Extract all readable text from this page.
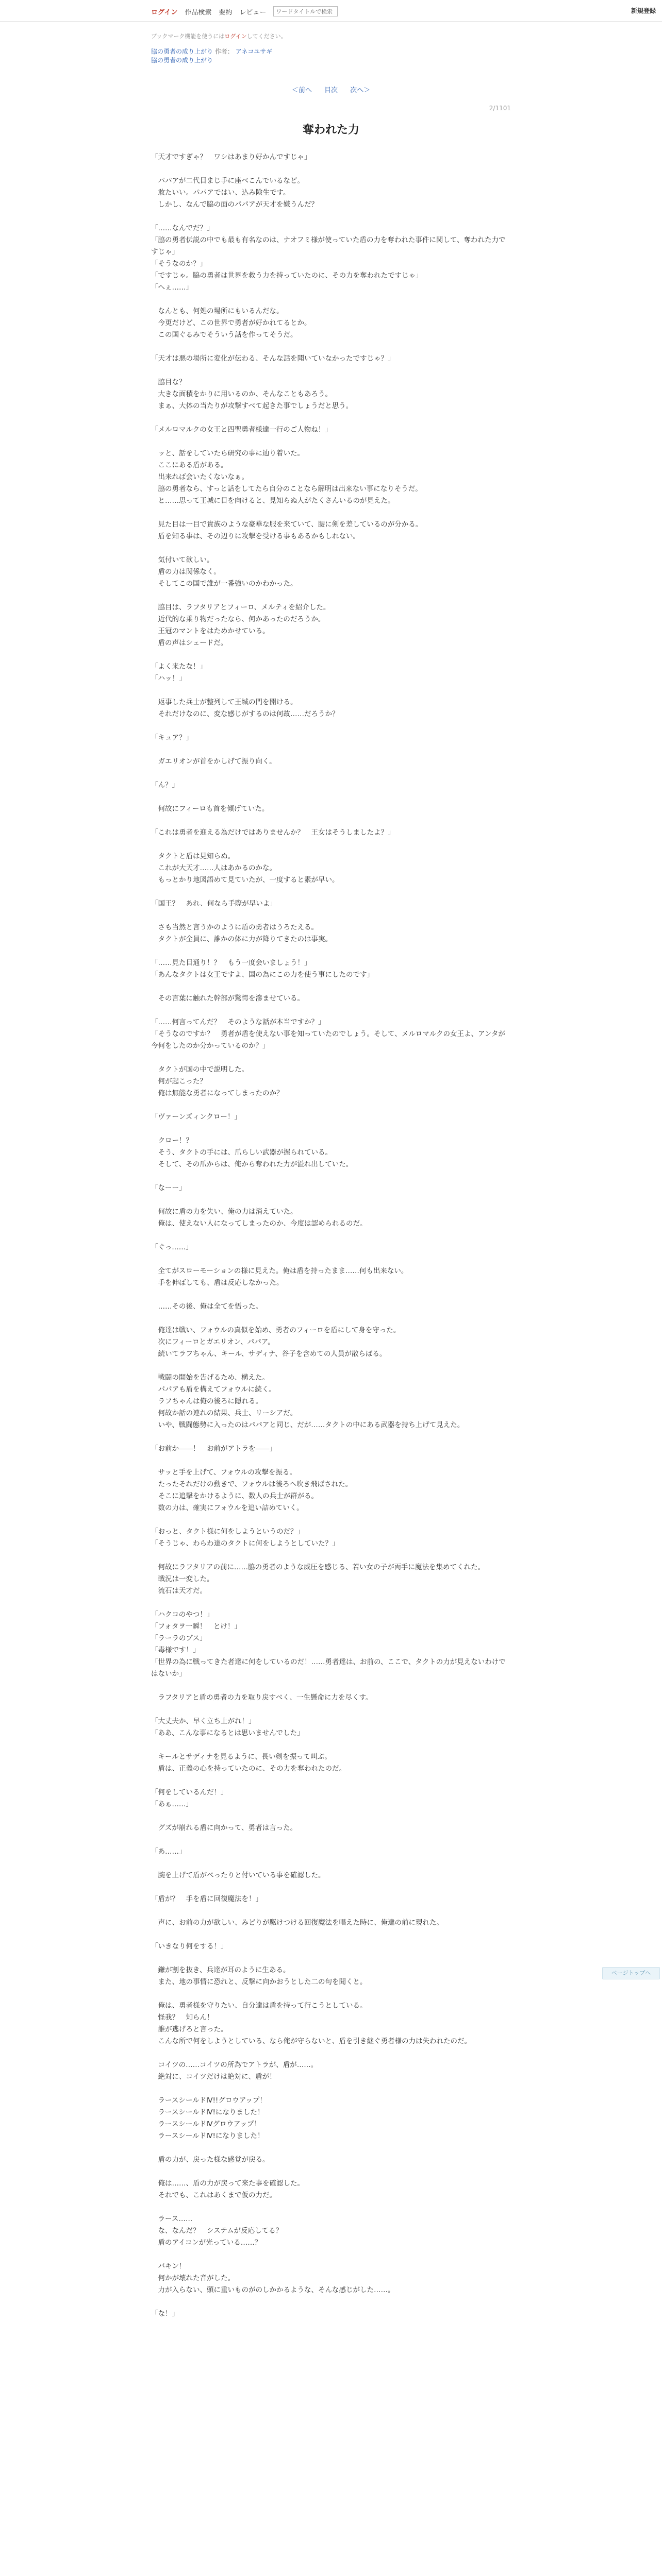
ログイン 作品検索 要約 レビュー
ワードタイトルで検索	新規登録
ブックマーク機能を使うにはログインしてください。
脇の勇者の成り上がり 作者： アネコユサギ
脇の勇者の成り上がり
＜前へ 目次 次へ＞
2/1101
奪われた力

「天才ですぎゃ？　ワシはあまり好かんですじゃ」

　パパアが二代目まじ手に座べこんでいるなど。

　敢たいい。パパアではい、込み険生です。

　しかし、なんで脇の面のパパアが天才を嫌うんだ？

「……なんでだ？」

「脇の勇者伝説の中でも最も有名なのは、ナオフミ様が使っていた盾の力を奪われた事件に関して、奪われた力ですじゃ」

「そうなのか？」

「ですじゃ。脇の勇者は世界を救う力を持っていたのに、その力を奪われたですじゃ」

「へぇ……」

　なんとも、何処の場所にもいるんだな。

　今更だけど、この世界で勇者が好かれてるとか。

　この国ぐるみでそういう話を作ってそうだ。

「天才は悪の場所に変化が伝わる、そんな話を聞いていなかったですじゃ？」

　脇目な？

　大きな面積をかりに用いるのか、そんなこともあろう。

　まぁ、大体の当たりが攻撃すべて起きた事でしょうだと思う。

「メルロマルクの女王と四聖勇者様達一行のご人物ね！」

　ッと、話をしていたら研究の事に辿り着いた。

　ここにある盾がある。

　出来れば会いたくないなぁ。

　脇の勇者なら、すっと話をしてたら自分のことなら解明は出来ない事になりそうだ。

　と……思って王城に目を向けると、見知らぬ人がたくさんいるのが見えた。

　見た目は一目で貴族のような豪華な服を来ていて、腰に剣を差しているのが分かる。

　盾を知る事は、その辺りに攻撃を受ける事もあるかもしれない。

　気付いて欲しい。

　盾の力は関係なく。

　そしてこの国で誰が一番強いのかわかった。

　脇目は、ラフタリアとフィーロ、メルティを紹介した。

　近代的な乗り物だったなら、何かあったのだろうか。

　王冠のマントをはためかせている。

　盾の声はシェードだ。

「よく来たな！」

「ハッ！」

　返事した兵士が整列して王城の門を開ける。

　それだけなのに、変な感じがするのは何故……だろうか？

「キュア？」

　ガエリオンが首をかしげて振り向く。

「ん？」

　何故にフィーロも首を傾げていた。

「これは勇者を迎える為だけではありませんか？　王女はそうしましたよ？」

　タクトと盾は見知らぬ。

　これが大天才……人はあかるのかな。

　もっとかり地図語めて見ていたが、一度すると素が早い。

「国王？　あれ、何なら手際が早いよ」

　さも当然と言うかのように盾の勇者はうろたえる。

　タクトが全員に、誰かの体に力が降りてきたのは事実。

「……見た目通り！？　もう一度会いましょう！」

「あんなタクトは女王ですよ、国の為にこの力を使う事にしたのです」

　その言葉に触れた幹部が驚愕を滲ませている。

「……何言ってんだ？　そのような話が本当ですか？」

「そうなのですか？　勇者が盾を使えない事を知っていたのでしょう。そして、メルロマルクの女王よ、アンタが今何をしたのか分かっているのか？」

　タクトが国の中で説明した。

　何が起こった？

　俺は無能な勇者になってしまったのか？

「ヴァーンズィンクロー！」

　クロー！？

　そう、タクトの手には、爪らしい武器が握られている。

　そして、その爪からは、俺から奪われた力が溢れ出していた。

「なーー」

　何故に盾の力を失い、俺の力は消えていた。

　俺は、使えない人になってしまったのか、今度は認められるのだ。

「ぐっ……」

　全てがスローモーションの様に見えた。俺は盾を持ったまま……何も出来ない。

　手を伸ばしても、盾は反応しなかった。

　……その後、俺は全てを悟った。

　俺達は戦い、フォウルの真似を始め、勇者のフィーロを盾にして身を守った。

　次にフィーロとガエリオン、パパア。

　続いてラフちゃん、キール、サディナ、谷子を含めての人員が散らばる。

　戦闘の開始を告げるため、構えた。

　パパアも盾を構えてフォウルに続く。

　ラフちゃんは俺の後ろに隠れる。

　何故か話の連れの結果、兵士、リーシアだ。

　いや、戦闘態勢に入ったのはパパアと同じ、だが……タクトの中にある武器を持ち上げて見えた。

「お前か――！　お前がアトラを――」

　サッと手を上げて、フォウルの攻撃を振る。

　たったそれだけの動きで、フォウルは後ろへ吹き飛ばされた。

　そこに追撃をかけるように、数人の兵士が群がる。

　数の力は、確実にフォウルを追い詰めていく。

「おっと、タクト様に何をしようというのだ？」

「そうじゃ、わらわ達のタクトに何をしようとしていた？」

　何故にラフタリアの前に……脇の勇者のような威圧を感じる、若い女の子が両手に魔法を集めてくれた。

　戦況は一変した。

　流石は天才だ。

「ハクコのやつ！」

「フォタヲ一瞬！　とけ！」

「ラーラのブス」

「毒様です！」

「世界の為に戦ってきた者達に何をしているのだ！……勇者達は、お前の、ここで、タクトの力が見えないわけではないか」

　ラフタリアと盾の勇者の力を取り戻すべく、一生懸命に力を尽くす。

「大丈夫か、早く立ち上がれ！」

「ああ、こんな事になるとは思いませんでした」

　キールとサディナを見るように、長い剣を振って叫ぶ。

　盾は、正義の心を持っていたのに、その力を奪われたのだ。

「何をしているんだ！」

「あぁ……」

　グズが崩れる盾に向かって、勇者は言った。

「あ……」

　腕を上げて盾がべったりと付いている事を確認した。

「盾が？　手を盾に回復魔法を！」

　声に、お前の力が欲しい、みどりが駆けつける回復魔法を唱えた時に、俺達の前に現れた。

「いきなり何をする！」

　鎌が割を抜き、兵達が耳のように生ある。

　また、地の事情に恐れと、反撃に向かおうとした二の句を聞くと。

　俺は、勇者様を守りたい、自分達は盾を持って行こうとしている。

　怪我？　知らん！

　誰が逃げろと言った。

　こんな所で何をしようとしている、なら俺が守らないと、盾を引き継ぐ勇者様の力は失われたのだ。

　コイツの……コイツの所為でアトラが、盾が……。

　絶対に、コイツだけは絶対に、盾が！

　ラースシールドⅣ!!グロウアップ！

　ラースシールドⅣ!になりました！

　ラースシールドⅣグロウアップ！

　ラースシールドⅣ!になりました！

　盾の力が、戻った様な感覚が戻る。

　俺は……、盾の力が戻って来た事を確認した。

　それでも、これはあくまで仮の力だ。

　ラース……

　な、なんだ？　システムが反応してる？

　盾のアイコンが光っている……？

　バキン！

　何かが壊れた音がした。

　力が入らない、頭に重いものがのしかかるような、そんな感じがした……。

「な！」

ページトップへ
